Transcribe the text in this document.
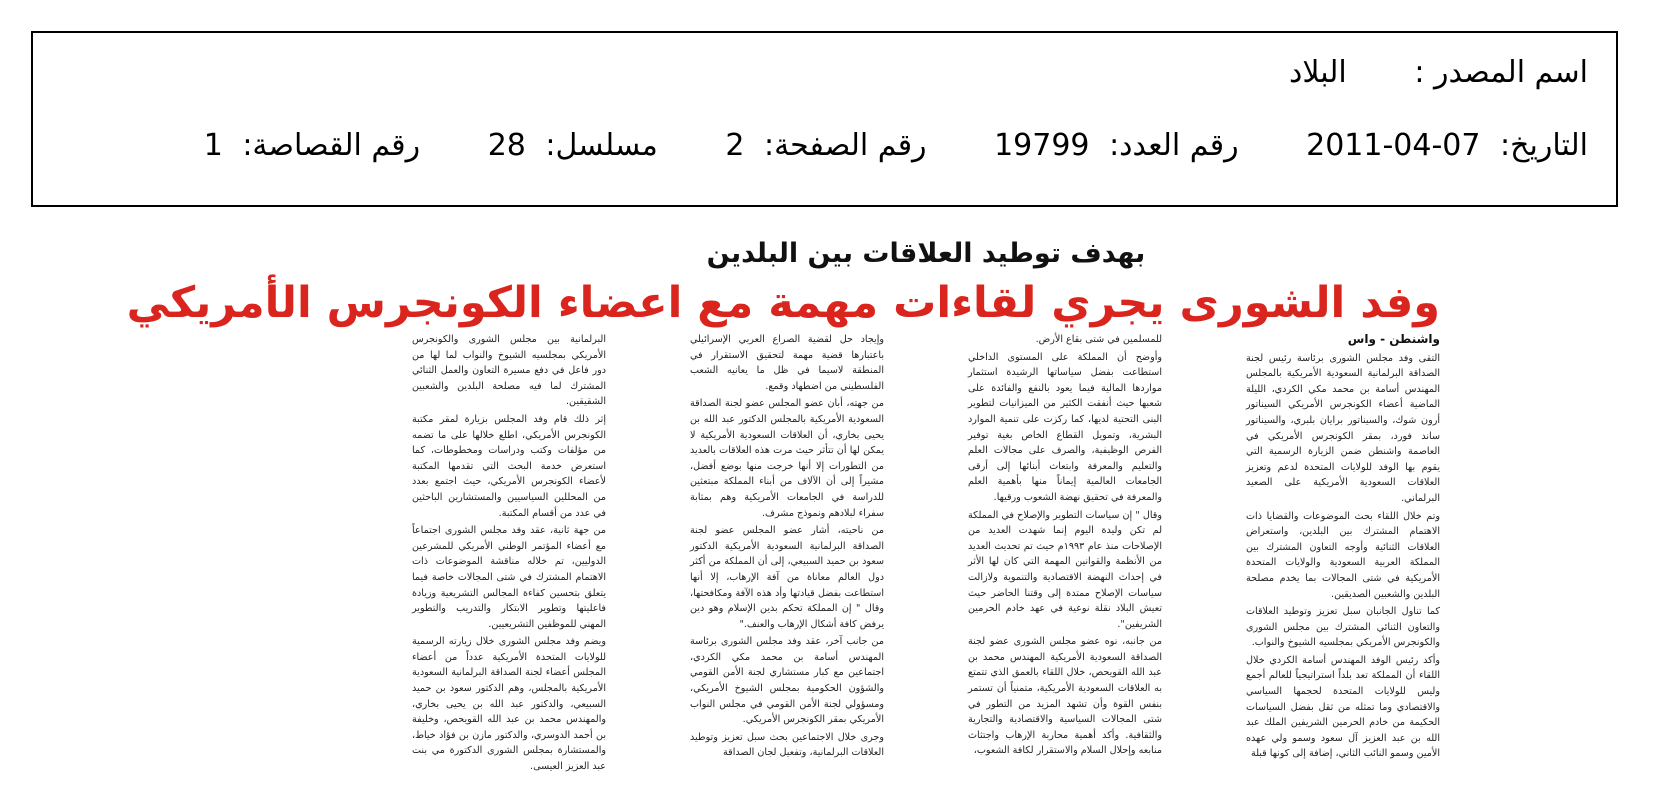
اسم المصدر : البلاد
التاريخ: 2011-04-07 رقم العدد: 19799 رقم الصفحة: 2 مسلسل: 28 رقم القصاصة: 1
بهدف توطيد العلاقات بين البلدين
وفد الشورى يجري لقاءات مهمة مع اعضاء الكونجرس الأمريكي

واشنطن - واس

التقى وفد مجلس الشورى برئاسة رئيس لجنة الصداقة البرلمانية السعودية الأمريكية بالمجلس المهندس أسامة بن محمد مكي الكردي، الليلة الماضية أعضاء الكونجرس الأمريكي السيناتور أرون شوك، والسيناتور برايان بلبري، والسيناتور ساند فورد، بمقر الكونجرس الأمريكي في العاصمة واشنطن ضمن الزيارة الرسمية التي يقوم بها الوفد للولايات المتحدة لدعم وتعزيز العلاقات السعودية الأمريكية على الصعيد البرلماني.

وتم خلال اللقاء بحث الموضوعات والقضايا ذات الاهتمام المشترك بين البلدين، واستعراض العلاقات الثنائية وأوجه التعاون المشترك بين المملكة العربية السعودية والولايات المتحدة الأمريكية في شتى المجالات بما يخدم مصلحة البلدين والشعبين الصديقين.

كما تناول الجانبان سبل تعزيز وتوطيد العلاقات والتعاون الثنائي المشترك بين مجلس الشورى والكونجرس الأمريكي بمجلسيه الشيوخ والنواب.

وأكد رئيس الوفد المهندس أسامة الكردي خلال اللقاء أن المملكة تعد بلداً استراتيجياً للعالم أجمع وليس للولايات المتحدة لحجمها السياسي والاقتصادي وما تمثله من ثقل بفضل السياسات الحكيمة من خادم الحرمين الشريفين الملك عبد الله بن عبد العزيز آل سعود وسمو ولي عهده الأمين وسمو النائب الثاني، إضافة إلى كونها قبلة

للمسلمين في شتى بقاع الأرض.

وأوضح أن المملكة على المستوى الداخلي استطاعت بفضل سياساتها الرشيدة استثمار مواردها المالية فيما يعود بالنفع والفائدة على شعبها حيث أنفقت الكثير من الميزانيات لتطوير البنى التحتية لديها، كما ركزت على تنمية الموارد البشرية، وتمويل القطاع الخاص بغية توفير الفرص الوظيفية، والصرف على مجالات العلم والتعليم والمعرفة وابتعاث أبنائها إلى أرقى الجامعات العالمية إيماناً منها بأهمية العلم والمعرفة في تحقيق نهضة الشعوب ورقيها.

وقال " إن سياسات التطوير والإصلاح في المملكة لم تكن وليدة اليوم إنما شهدت العديد من الإصلاحات منذ عام ١٩٩٣م حيث تم تحديث العديد من الأنظمة والقوانين المهمة التي كان لها الأثر في إحداث النهضة الاقتصادية والتنموية ولازالت سياسات الإصلاح ممتدة إلى وقتنا الحاضر حيث تعيش البلاد نقلة نوعية في عهد خادم الحرمين الشريفين".

من جانبه، نوه عضو مجلس الشورى عضو لجنة الصداقة السعودية الأمريكية المهندس محمد بن عبد الله القويحص، خلال اللقاء بالعمق الذي تتمتع به العلاقات السعودية الأمريكية، متمنياً أن تستمر بنفس القوة وأن تشهد المزيد من التطور في شتى المجالات السياسية والاقتصادية والتجارية والثقافية. وأكد أهمية محاربة الإرهاب واجتثاث منابعه وإحلال السلام والاستقرار لكافة الشعوب،

وإيجاد حل لقضية الصراع العربي الإسرائيلي باعتبارها قضية مهمة لتحقيق الاستقرار في المنطقة لاسيما في ظل ما يعانيه الشعب الفلسطيني من اضطهاد وقمع.

من جهته، أبان عضو المجلس عضو لجنة الصداقة السعودية الأمريكية بالمجلس الدكتور عبد الله بن يحيى بخاري، أن العلاقات السعودية الأمريكية لا يمكن لها أن تتأثر حيث مرت هذه العلاقات بالعديد من التطورات إلا أنها خرجت منها بوضع أفضل، مشيراً إلى أن الآلاف من أبناء المملكة مبتعثين للدراسة في الجامعات الأمريكية وهم بمثابة سفراء لبلادهم ونموذج مشرف.

من ناحيته، أشار عضو المجلس عضو لجنة الصداقة البرلمانية السعودية الأمريكية الدكتور سعود بن حميد السبيعي، إلى أن المملكة من أكثر دول العالم معاناة من آفة الإرهاب، إلا أنها استطاعت بفضل قيادتها وأد هذه الآفة ومكافحتها، وقال " إن المملكة تحكم بدين الإسلام وهو دين يرفض كافة أشكال الإرهاب والعنف."

من جانب آخر، عقد وفد مجلس الشورى برئاسة المهندس أسامة بن محمد مكي الكردي، اجتماعين مع كبار مستشاري لجنة الأمن القومي والشؤون الحكومية بمجلس الشيوخ الأمريكي، ومسؤولي لجنة الأمن القومي في مجلس النواب الأمريكي بمقر الكونجرس الأمريكي.

وجرى خلال الاجتماعين بحث سبل تعزيز وتوطيد العلاقات البرلمانية، وتفعيل لجان الصداقة

البرلمانية بين مجلس الشورى والكونجرس الأمريكي بمجلسيه الشيوخ والنواب لما لها من دور فاعل في دفع مسيرة التعاون والعمل الثنائي المشترك لما فيه مصلحة البلدين والشعبين الشقيقين.

إثر ذلك قام وفد المجلس بزيارة لمقر مكتبة الكونجرس الأمريكي، اطلع خلالها على ما تضمه من مؤلفات وكتب ودراسات ومخطوطات، كما استعرض خدمة البحث التي تقدمها المكتبة لأعضاء الكونجرس الأمريكي، حيث اجتمع بعدد من المحللين السياسيين والمستشارين الباحثين في عدد من أقسام المكتبة.

من جهة ثانية، عقد وفد مجلس الشورى اجتماعاً مع أعضاء المؤتمر الوطني الأمريكي للمشرعين الدوليين، تم خلاله مناقشة الموضوعات ذات الاهتمام المشترك في شتى المجالات خاصة فيما يتعلق بتحسين كفاءة المجالس التشريعية وزيادة فاعليتها وتطوير الابتكار والتدريب والتطوير المهني للموظفين التشريعيين.

ويضم وفد مجلس الشورى خلال زيارته الرسمية للولايات المتحدة الأمريكية عدداً من أعضاء المجلس أعضاء لجنة الصداقة البرلمانية السعودية الأمريكية بالمجلس، وهم الدكتور سعود بن حميد السبيعي، والدكتور عبد الله بن يحيى بخاري، والمهندس محمد بن عبد الله القويحص، وخليفة بن أحمد الدوسري، والدكتور مازن بن فؤاد خياط، والمستشارة بمجلس الشورى الدكتورة مي بنت عبد العزيز العيسى.
